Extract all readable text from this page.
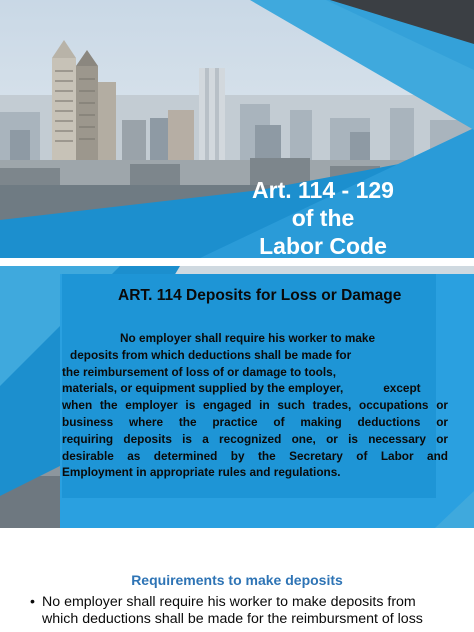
Art. 114 - 129
of the
Labor Code
ART. 114 Deposits for Loss or Damage
No employer shall require his worker to make
deposits from which deductions shall be made for
the reimbursement of loss of or damage to tools,
materials, or equipment supplied by the employer,	except
when the employer is engaged in such trades, occupations or
business where the practice of making deductions or
requiring deposits is a recognized one, or is necessary or
desirable as determined by the Secretary of Labor and
Employment in appropriate rules and regulations.
Requirements to make deposits
• No employer shall require his worker to make deposits from
which deductions shall be made for the reimbursment of loss
